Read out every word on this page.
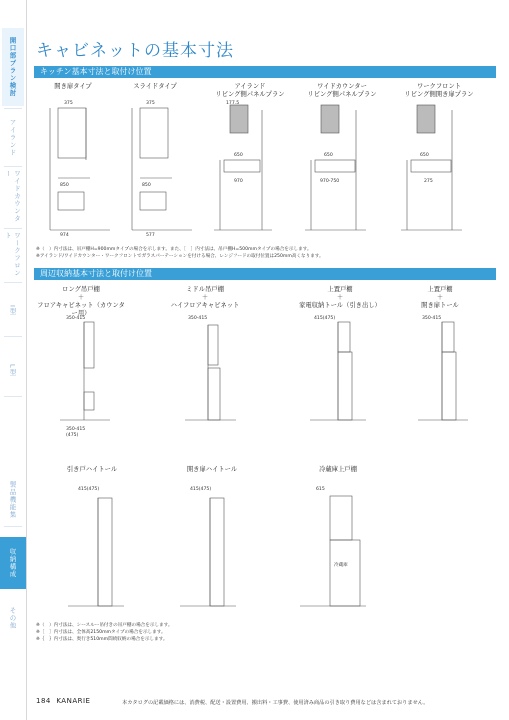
開口部プラン検討
アイランド
ワイドカウンター
ワークフロント
I型
L型
製品機能集
収納構成
その他
キャビネットの基本寸法
キッチン基本寸法と取付け位置
開き扉タイプ	スライドタイプ	アイランド
リビング側パネルプラン
ワイドカウンター
リビング側パネルプラン
ワークフロント
リビング側開き扉プラン
375	375
850	850
974	577
177.5
650
970
650
970-750
650
275
※（　）内寸法は、吊戸棚H=900mmタイプの場合を示します。また、［　］内寸法は、吊戸棚H=500mmタイプの場合を示します。
※アイランド/ワイドカウンター・ワークフロントでガラスパーテーションを付ける場合、レンジフードの取付位置は250mm高くなります。
周辺収納基本寸法と取付け位置
ロング吊戸棚
＋
フロアキャビネット（カウンター用）
ミドル吊戸棚
＋
ハイフロアキャビネット
上置戸棚
＋
家電収納トール（引き出し）
上置戸棚
＋
開き扉トール
引き戸ハイトール	開き扉ハイトール	冷蔵庫上戸棚
350-415	350-415	415(475)	350-415
415(475)	415(475)	615
冷蔵庫
350-415
(475)
※（　）内寸法は、シースルー吊付きの吊戸棚の場合を示します。
※［　］内寸法は、全体高2150mmタイプの場合を示します。
※｛　｝内寸法は、奥行き510mm間続収納の場合を示します。
184 KANARIE	本カタログの記載価格には、消費税、配送・設置費用、搬出料・工事費、使用済み商品の引き取り費用などは含まれておりません。
